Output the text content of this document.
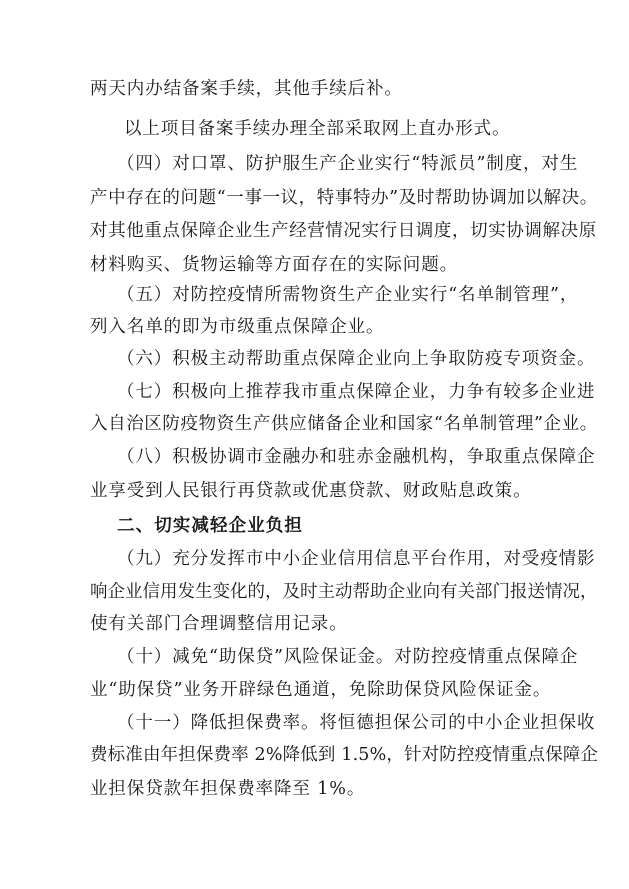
两天内办结备案手续，其他手续后补。
以上项目备案手续办理全部采取网上直办形式。
（四）对口罩、防护服生产企业实行“特派员”制度，对生
产中存在的问题“一事一议，特事特办”及时帮助协调加以解决。
对其他重点保障企业生产经营情况实行日调度，切实协调解决原
材料购买、货物运输等方面存在的实际问题。
（五）对防控疫情所需物资生产企业实行“名单制管理”，
列入名单的即为市级重点保障企业。
（六）积极主动帮助重点保障企业向上争取防疫专项资金。
（七）积极向上推荐我市重点保障企业，力争有较多企业进
入自治区防疫物资生产供应储备企业和国家“名单制管理”企业。
（八）积极协调市金融办和驻赤金融机构，争取重点保障企
业享受到人民银行再贷款或优惠贷款、财政贴息政策。
二、切实减轻企业负担
（九）充分发挥市中小企业信用信息平台作用，对受疫情影
响企业信用发生变化的，及时主动帮助企业向有关部门报送情况，
使有关部门合理调整信用记录。
（十）减免“助保贷”风险保证金。对防控疫情重点保障企
业“助保贷”业务开辟绿色通道，免除助保贷风险保证金。
（十一）降低担保费率。将恒德担保公司的中小企业担保收
费标准由年担保费率 2%降低到 1.5%，针对防控疫情重点保障企
业担保贷款年担保费率降至 1%。
